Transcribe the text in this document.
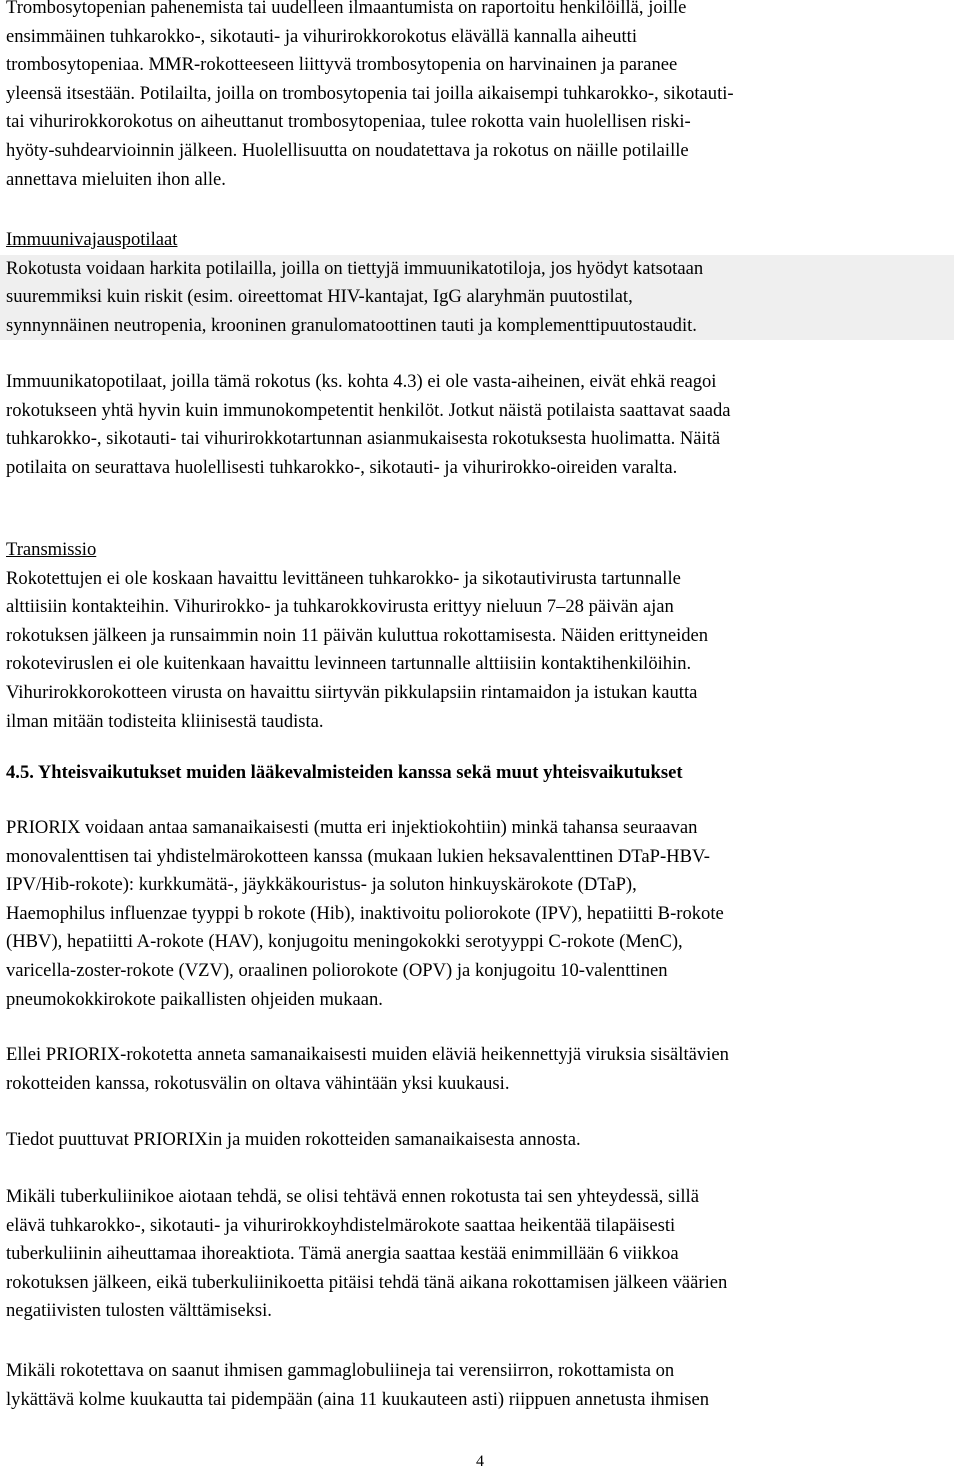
Trombosytopenian pahenemista tai uudelleen ilmaantumista on raportoitu henkilöillä, joille
ensimmäinen tuhkarokko-, sikotauti- ja vihurirokkorokotus elävällä kannalla aiheutti
trombosytopeniaa. MMR-rokotteeseen liittyvä trombosytopenia on harvinainen ja paranee
yleensä itsestään. Potilailta, joilla on trombosytopenia tai joilla aikaisempi tuhkarokko-, sikotauti-
tai vihurirokkorokotus on aiheuttanut trombosytopeniaa, tulee rokotta vain huolellisen riski-
hyöty-suhdearvioinnin jälkeen. Huolellisuutta on noudatettava ja rokotus on näille potilaille
annettava mieluiten ihon alle.

Immuunivajauspotilaat
Rokotusta voidaan harkita potilailla, joilla on tiettyjä immuunikatotiloja, jos hyödyt katsotaan
suuremmiksi kuin riskit (esim. oireettomat HIV-kantajat, IgG alaryhmän puutostilat,
synnynnäinen neutropenia, krooninen granulomatoottinen tauti ja komplementtipuutostaudit.

Immuunikatopotilaat, joilla tämä rokotus (ks. kohta 4.3) ei ole vasta-aiheinen, eivät ehkä reagoi
rokotukseen yhtä hyvin kuin immunokompetentit henkilöt. Jotkut näistä potilaista saattavat saada
tuhkarokko-, sikotauti- tai vihurirokkotartunnan asianmukaisesta rokotuksesta huolimatta. Näitä
potilaita on seurattava huolellisesti tuhkarokko-, sikotauti- ja vihurirokko-oireiden varalta.

Transmissio
Rokotettujen ei ole koskaan havaittu levittäneen tuhkarokko- ja sikotautivirusta tartunnalle
alttiisiin kontakteihin. Vihurirokko- ja tuhkarokkovirusta erittyy nieluun 7‒28 päivän ajan
rokotuksen jälkeen ja runsaimmin noin 11 päivän kuluttua rokottamisesta. Näiden erittyneiden
rokoteviruslen ei ole kuitenkaan havaittu levinneen tartunnalle alttiisiin kontaktihenkilöihin.
Vihurirokkorokotteen virusta on havaittu siirtyvän pikkulapsiin rintamaidon ja istukan kautta
ilman mitään todisteita kliinisestä taudista.

4.5. Yhteisvaikutukset muiden lääkevalmisteiden kanssa sekä muut yhteisvaikutukset

PRIORIX voidaan antaa samanaikaisesti (mutta eri injektiokohtiin) minkä tahansa seuraavan
monovalenttisen tai yhdistelmärokotteen kanssa (mukaan lukien heksavalenttinen DTaP-HBV-
IPV/Hib-rokote): kurkkumätä-, jäykkäkouristus- ja soluton hinkuyskärokote (DTaP),
Haemophilus influenzae tyyppi b rokote (Hib), inaktivoitu poliorokote (IPV), hepatiitti B-rokote
(HBV), hepatiitti A-rokote (HAV), konjugoitu meningokokki serotyyppi C-rokote (MenC),
varicella-zoster-rokote (VZV), oraalinen poliorokote (OPV) ja konjugoitu 10-valenttinen
pneumokokkirokote paikallisten ohjeiden mukaan.

Ellei PRIORIX-rokotetta anneta samanaikaisesti muiden eläviä heikennettyjä viruksia sisältävien
rokotteiden kanssa, rokotusvälin on oltava vähintään yksi kuukausi.

Tiedot puuttuvat PRIORIXin ja muiden rokotteiden samanaikaisesta annosta.

Mikäli tuberkuliinikoe aiotaan tehdä, se olisi tehtävä ennen rokotusta tai sen yhteydessä, sillä
elävä tuhkarokko-, sikotauti- ja vihurirokkoyhdistelmärokote saattaa heikentää tilapäisesti
tuberkuliinin aiheuttamaa ihoreaktiota. Tämä anergia saattaa kestää enimmillään 6 viikkoa
rokotuksen jälkeen, eikä tuberkuliinikoetta pitäisi tehdä tänä aikana rokottamisen jälkeen väärien
negatiivisten tulosten välttämiseksi.

Mikäli rokotettava on saanut ihmisen gammaglobuliineja tai verensiirron, rokottamista on
lykättävä kolme kuukautta tai pidempään (aina 11 kuukauteen asti) riippuen annetusta ihmisen

4
